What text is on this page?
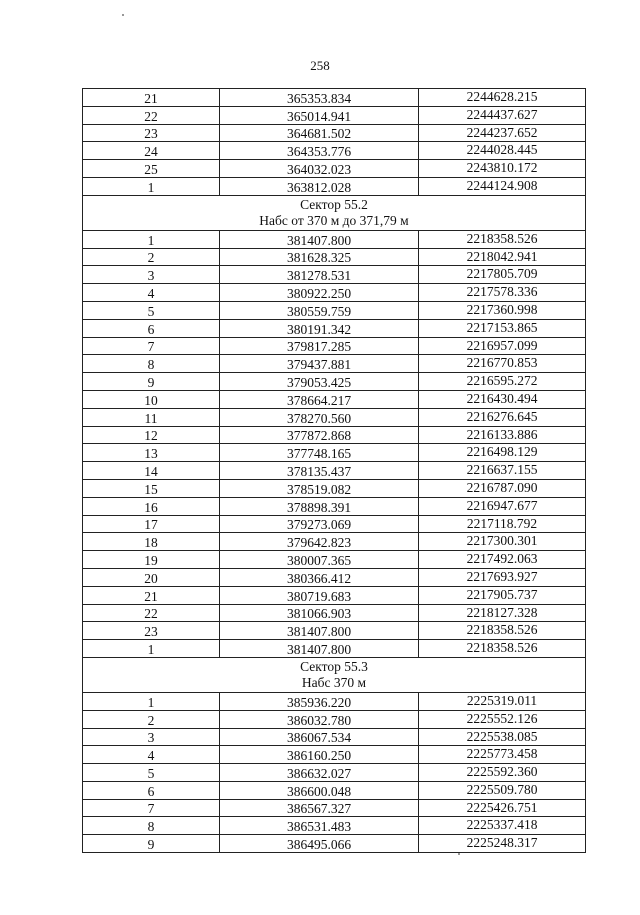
258
21	365353.834	2244628.215
22	365014.941	2244437.627
23	364681.502	2244237.652
24	364353.776	2244028.445
25	364032.023	2243810.172
1	363812.028	2244124.908

Сектор 55.2
Набс от 370 м до 371,79 м		

1	381407.800	2218358.526
2	381628.325	2218042.941
3	381278.531	2217805.709
4	380922.250	2217578.336
5	380559.759	2217360.998
6	380191.342	2217153.865
7	379817.285	2216957.099
8	379437.881	2216770.853
9	379053.425	2216595.272
10	378664.217	2216430.494
11	378270.560	2216276.645
12	377872.868	2216133.886
13	377748.165	2216498.129
14	378135.437	2216637.155
15	378519.082	2216787.090
16	378898.391	2216947.677
17	379273.069	2217118.792
18	379642.823	2217300.301
19	380007.365	2217492.063
20	380366.412	2217693.927
21	380719.683	2217905.737
22	381066.903	2218127.328
23	381407.800	2218358.526
1	381407.800	2218358.526

Сектор 55.3
Набс 370 м		

1	385936.220	2225319.011
2	386032.780	2225552.126
3	386067.534	2225538.085
4	386160.250	2225773.458
5	386632.027	2225592.360
6	386600.048	2225509.780
7	386567.327	2225426.751
8	386531.483	2225337.418
9	386495.066	2225248.317
